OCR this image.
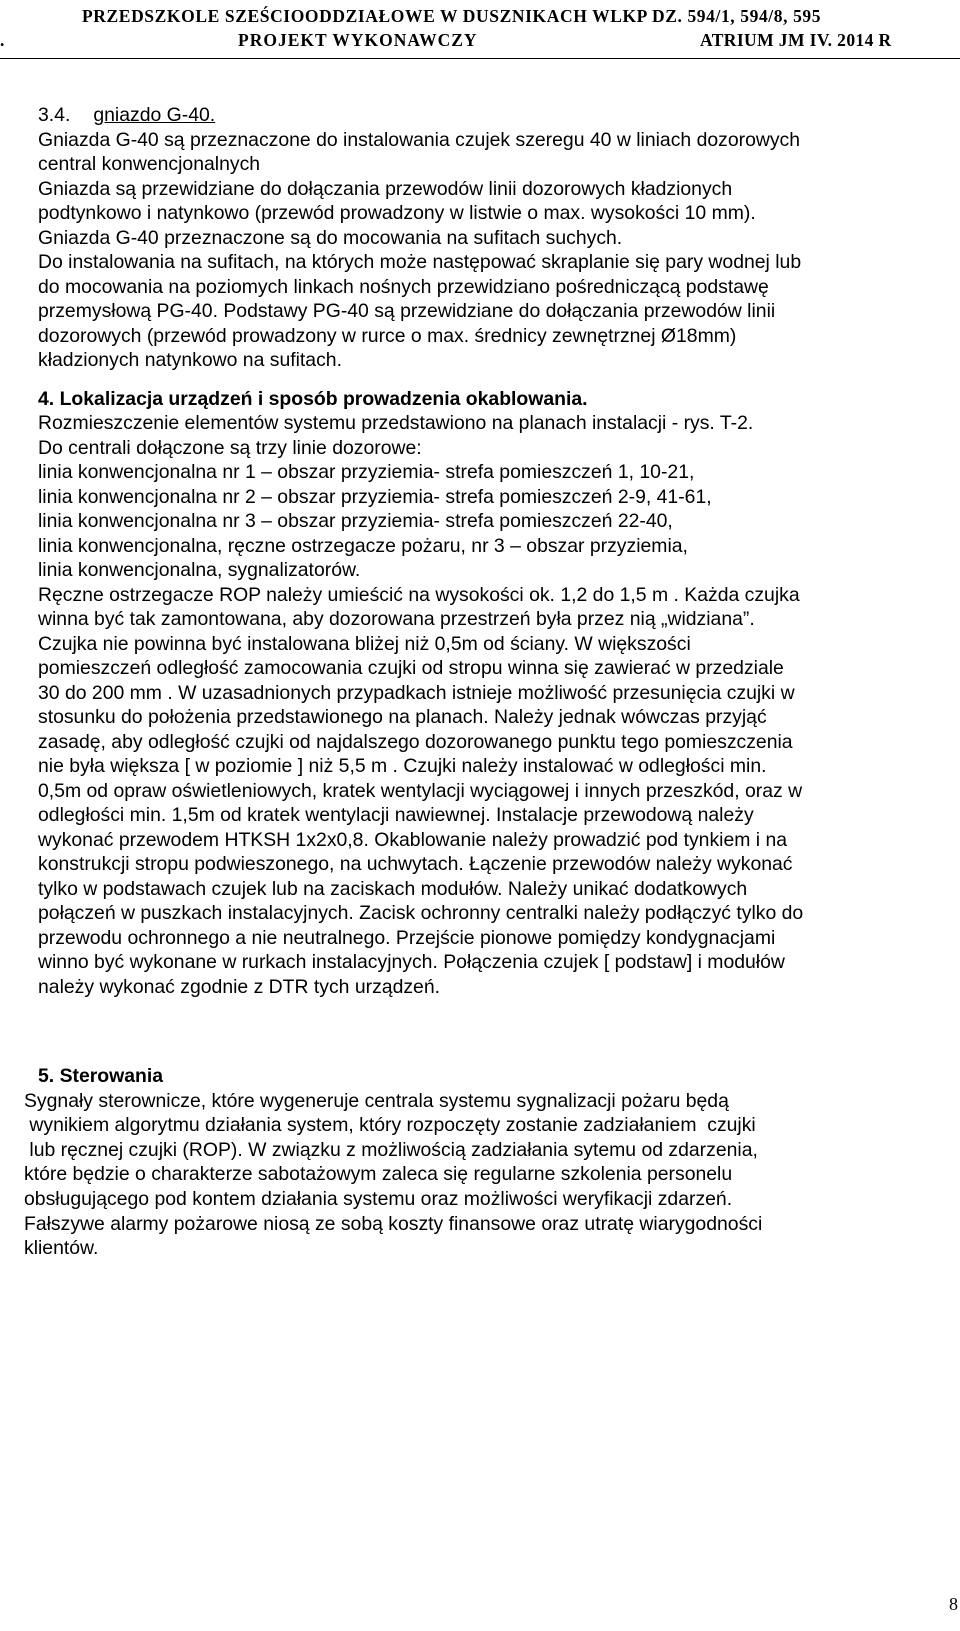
PRZEDSZKOLE SZEŚCIOODDZIAŁOWE W DUSZNIKACH WLKP DZ. 594/1, 594/8, 595
.	PROJEKT WYKONAWCZY	ATRIUM JM IV. 2014 R
3.4. gniazdo G-40.
Gniazda G-40 są przeznaczone do instalowania czujek szeregu 40 w liniach dozorowych
central konwencjonalnych
Gniazda są przewidziane do dołączania przewodów linii dozorowych kładzionych
podtynkowo i natynkowo (przewód prowadzony w listwie o max. wysokości 10 mm).
Gniazda G-40 przeznaczone są do mocowania na sufitach suchych.
Do instalowania na sufitach, na których może następować skraplanie się pary wodnej lub
do mocowania na poziomych linkach nośnych przewidziano pośredniczącą podstawę
przemysłową PG-40. Podstawy PG-40 są przewidziane do dołączania przewodów linii
dozorowych (przewód prowadzony w rurce o max. średnicy zewnętrznej Ø18mm)
kładzionych natynkowo na sufitach.
4. Lokalizacja urządzeń i sposób prowadzenia okablowania.
Rozmieszczenie elementów systemu przedstawiono na planach instalacji - rys. T-2.
Do centrali dołączone są trzy linie dozorowe:
linia konwencjonalna nr 1 – obszar przyziemia- strefa pomieszczeń 1, 10-21,
linia konwencjonalna nr 2 – obszar przyziemia- strefa pomieszczeń 2-9, 41-61,
linia konwencjonalna nr 3 – obszar przyziemia- strefa pomieszczeń 22-40,
linia konwencjonalna, ręczne ostrzegacze pożaru, nr 3 – obszar przyziemia,
linia konwencjonalna, sygnalizatorów.
Ręczne ostrzegacze ROP należy umieścić na wysokości ok. 1,2 do 1,5 m . Każda czujka
winna być tak zamontowana, aby dozorowana przestrzeń była przez nią „widziana”.
Czujka nie powinna być instalowana bliżej niż 0,5m od ściany. W większości
pomieszczeń odległość zamocowania czujki od stropu winna się zawierać w przedziale
30 do 200 mm . W uzasadnionych przypadkach istnieje możliwość przesunięcia czujki w
stosunku do położenia przedstawionego na planach. Należy jednak wówczas przyjąć
zasadę, aby odległość czujki od najdalszego dozorowanego punktu tego pomieszczenia
nie była większa [ w poziomie ] niż 5,5 m . Czujki należy instalować w odległości min.
0,5m od opraw oświetleniowych, kratek wentylacji wyciągowej i innych przeszkód, oraz w
odległości min. 1,5m od kratek wentylacji nawiewnej. Instalacje przewodową należy
wykonać przewodem HTKSH 1x2x0,8. Okablowanie należy prowadzić pod tynkiem i na
konstrukcji stropu podwieszonego, na uchwytach. Łączenie przewodów należy wykonać
tylko w podstawach czujek lub na zaciskach modułów. Należy unikać dodatkowych
połączeń w puszkach instalacyjnych. Zacisk ochronny centralki należy podłączyć tylko do
przewodu ochronnego a nie neutralnego. Przejście pionowe pomiędzy kondygnacjami
winno być wykonane w rurkach instalacyjnych. Połączenia czujek [ podstaw] i modułów
należy wykonać zgodnie z DTR tych urządzeń.
5. Sterowania
Sygnały sterownicze, które wygeneruje centrala systemu sygnalizacji pożaru będą
wynikiem algorytmu działania system, który rozpoczęty zostanie zadziałaniem  czujki
lub ręcznej czujki (ROP). W związku z możliwością zadziałania sytemu od zdarzenia,
które będzie o charakterze sabotażowym zaleca się regularne szkolenia personelu
obsługującego pod kontem działania systemu oraz możliwości weryfikacji zdarzeń.
Fałszywe alarmy pożarowe niosą ze sobą koszty finansowe oraz utratę wiarygodności
klientów.
8
